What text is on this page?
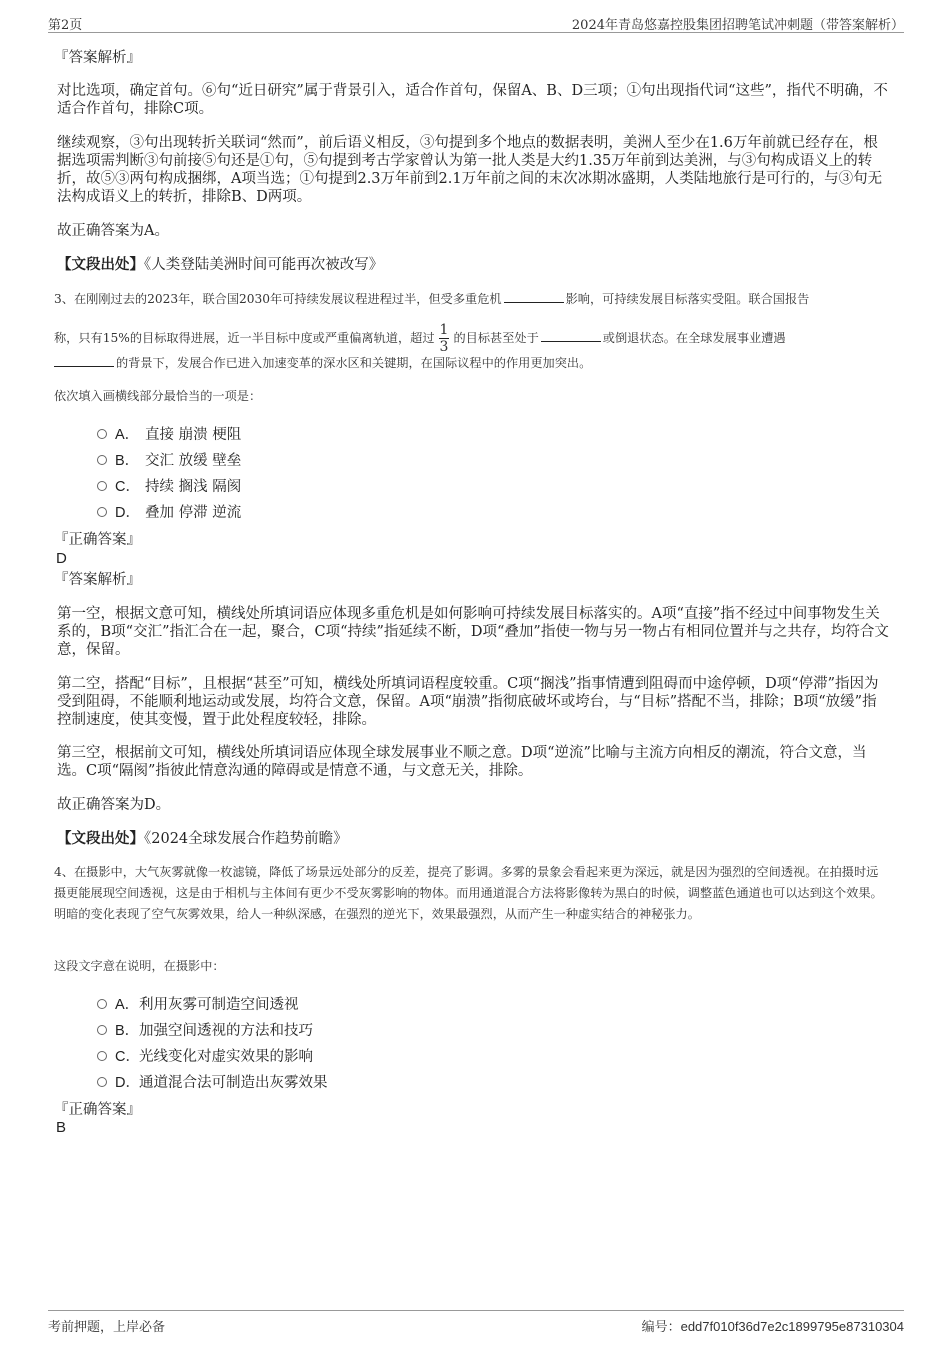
第2页	2024年青岛悠嘉控股集团招聘笔试冲刺题（带答案解析）
『答案解析』
对比选项，确定首句。⑥句“近日研究”属于背景引入，适合作首句，保留A、B、D三项；①句出现指代词“这些”，指代不明确，不适合作首句，排除C项。
继续观察，③句出现转折关联词“然而”，前后语义相反，③句提到多个地点的数据表明，美洲人至少在1.6万年前就已经存在，根据选项需判断③句前接⑤句还是①句，⑤句提到考古学家曾认为第一批人类是大约1.35万年前到达美洲，与③句构成语义上的转折，故⑤③两句构成捆绑，A项当选；①句提到2.3万年前到2.1万年前之间的末次冰期冰盛期，人类陆地旅行是可行的，与③句无法构成语义上的转折，排除B、D两项。
故正确答案为A。
【文段出处】《人类登陆美洲时间可能再次被改写》
3、在刚刚过去的2023年，联合国2030年可持续发展议程进程过半，但受多重危机	影响，可持续发展目标落实受阻。联合国报告
称，只有15%的目标取得进展，近一半目标中度或严重偏离轨道，超过 $\frac{1}{3}$ 的目标甚至处于	或倒退状态。在全球发展事业遭遇
的背景下，发展合作已进入加速变革的深水区和关键期，在国际议程中的作用更加突出。
依次填入画横线部分最恰当的一项是：
A． 直接 崩溃 梗阻
B． 交汇 放缓 壁垒
C． 持续 搁浅 隔阂
D． 叠加 停滞 逆流
『正确答案』
D
『答案解析』
第一空，根据文意可知，横线处所填词语应体现多重危机是如何影响可持续发展目标落实的。A项“直接”指不经过中间事物发生关系的，B项“交汇”指汇合在一起，聚合，C项“持续”指延续不断，D项“叠加”指使一物与另一物占有相同位置并与之共存，均符合文意，保留。
第二空，搭配“目标”，且根据“甚至”可知，横线处所填词语程度较重。C项“搁浅”指事情遭到阻碍而中途停顿，D项“停滞”指因为受到阻碍，不能顺利地运动或发展，均符合文意，保留。A项“崩溃”指彻底破坏或垮台，与“目标”搭配不当，排除；B项“放缓”指控制速度，使其变慢，置于此处程度较轻，排除。
第三空，根据前文可知，横线处所填词语应体现全球发展事业不顺之意。D项“逆流”比喻与主流方向相反的潮流，符合文意，当选。C项“隔阂”指彼此情意沟通的障碍或是情意不通，与文意无关，排除。
故正确答案为D。
【文段出处】《2024全球发展合作趋势前瞻》
4、在摄影中，大气灰雾就像一枚滤镜，降低了场景远处部分的反差，提亮了影调。多雾的景象会看起来更为深远，就是因为强烈的空间透视。在拍摄时远摄更能展现空间透视，这是由于相机与主体间有更少不受灰雾影响的物体。而用通道混合方法将影像转为黑白的时候，调整蓝色通道也可以达到这个效果。明暗的变化表现了空气灰雾效果，给人一种纵深感，在强烈的逆光下，效果最强烈，从而产生一种虚实结合的神秘张力。
这段文字意在说明，在摄影中：
A．利用灰雾可制造空间透视
B．加强空间透视的方法和技巧
C．光线变化对虚实效果的影响
D．通道混合法可制造出灰雾效果
『正确答案』
B
考前押题，上岸必备	编号：edd7f010f36d7e2c1899795e87310304
